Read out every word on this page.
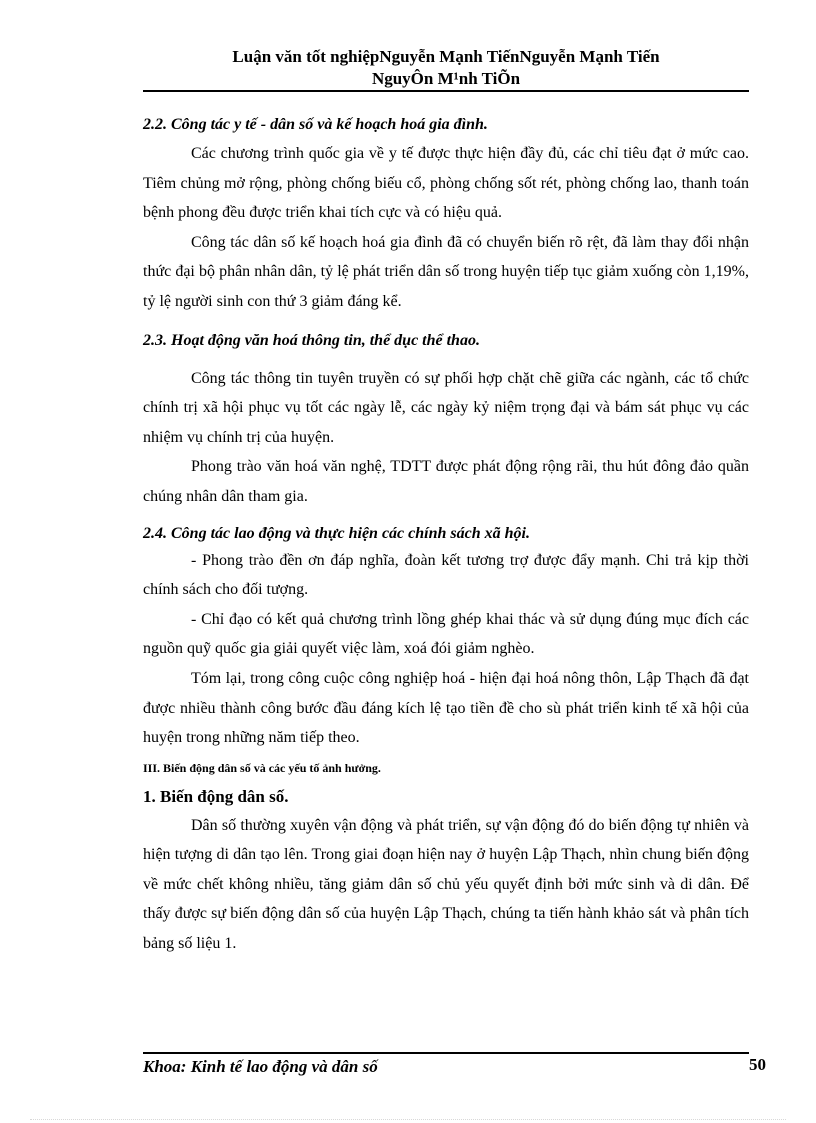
Luận văn tốt nghiệpNguyễn Mạnh TiếnNguyễn Mạnh Tiến
NguyÔn M¹nh TiÕn

2.2. Công tác y tế - dân số và kế hoạch hoá gia đình.

Các chương trình quốc gia về y tế được thực hiện đầy đủ, các chỉ tiêu đạt ở mức cao. Tiêm chủng mở rộng, phòng chống biếu cổ, phòng chống sốt rét, phòng chống lao, thanh toán bệnh phong đều được triển khai tích cực và có hiệu quả.

Công tác dân số kế hoạch hoá gia đình đã có chuyển biến rõ rệt, đã làm thay đổi nhận thức đại bộ phân nhân dân, tỷ lệ phát triển dân số trong huyện tiếp tục giảm xuống còn 1,19%, tỷ lệ người sinh con thứ 3 giảm đáng kể.

2.3. Hoạt động văn hoá thông tin, thể dục thể thao.

Công tác thông tin tuyên truyền có sự phối hợp chặt chẽ giữa các ngành, các tổ chức chính trị xã hội phục vụ tốt các ngày lễ, các ngày kỷ niệm trọng đại và bám sát phục vụ các nhiệm vụ chính trị của huyện.

Phong trào văn hoá văn nghệ, TDTT được phát động rộng rãi, thu hút đông đảo quần chúng nhân dân tham gia.

2.4. Công tác lao động và thực hiện các chính sách xã hội.

- Phong trào đền ơn đáp nghĩa, đoàn kết tương trợ được đẩy mạnh. Chi trả kịp thời chính sách cho đối tượng.

- Chỉ đạo có kết quả chương trình lồng ghép khai thác và sử dụng đúng mục đích các nguồn quỹ quốc gia giải quyết việc làm, xoá đói giảm nghèo.

Tóm lại, trong công cuộc công nghiệp hoá - hiện đại hoá nông thôn, Lập Thạch đã đạt được nhiều thành công bước đầu đáng kích lệ tạo tiền đề cho sù phát triển kinh tế xã hội của huyện trong những năm tiếp theo.

III. Biến động dân số và các yếu tố ảnh hưởng.

1. Biến động dân số.

Dân số thường xuyên vận động và phát triển, sự vận động đó do biến động tự nhiên và hiện tượng di dân tạo lên. Trong giai đoạn hiện nay ở huyện Lập Thạch, nhìn chung biến động về mức chết không nhiều, tăng giảm dân số chủ yếu quyết định bởi mức sinh và di dân. Để thấy được sự biến động dân số của huyện Lập Thạch, chúng ta tiến hành khảo sát và phân tích bảng số liệu 1.

Khoa: Kinh tế lao động và dân số	50
